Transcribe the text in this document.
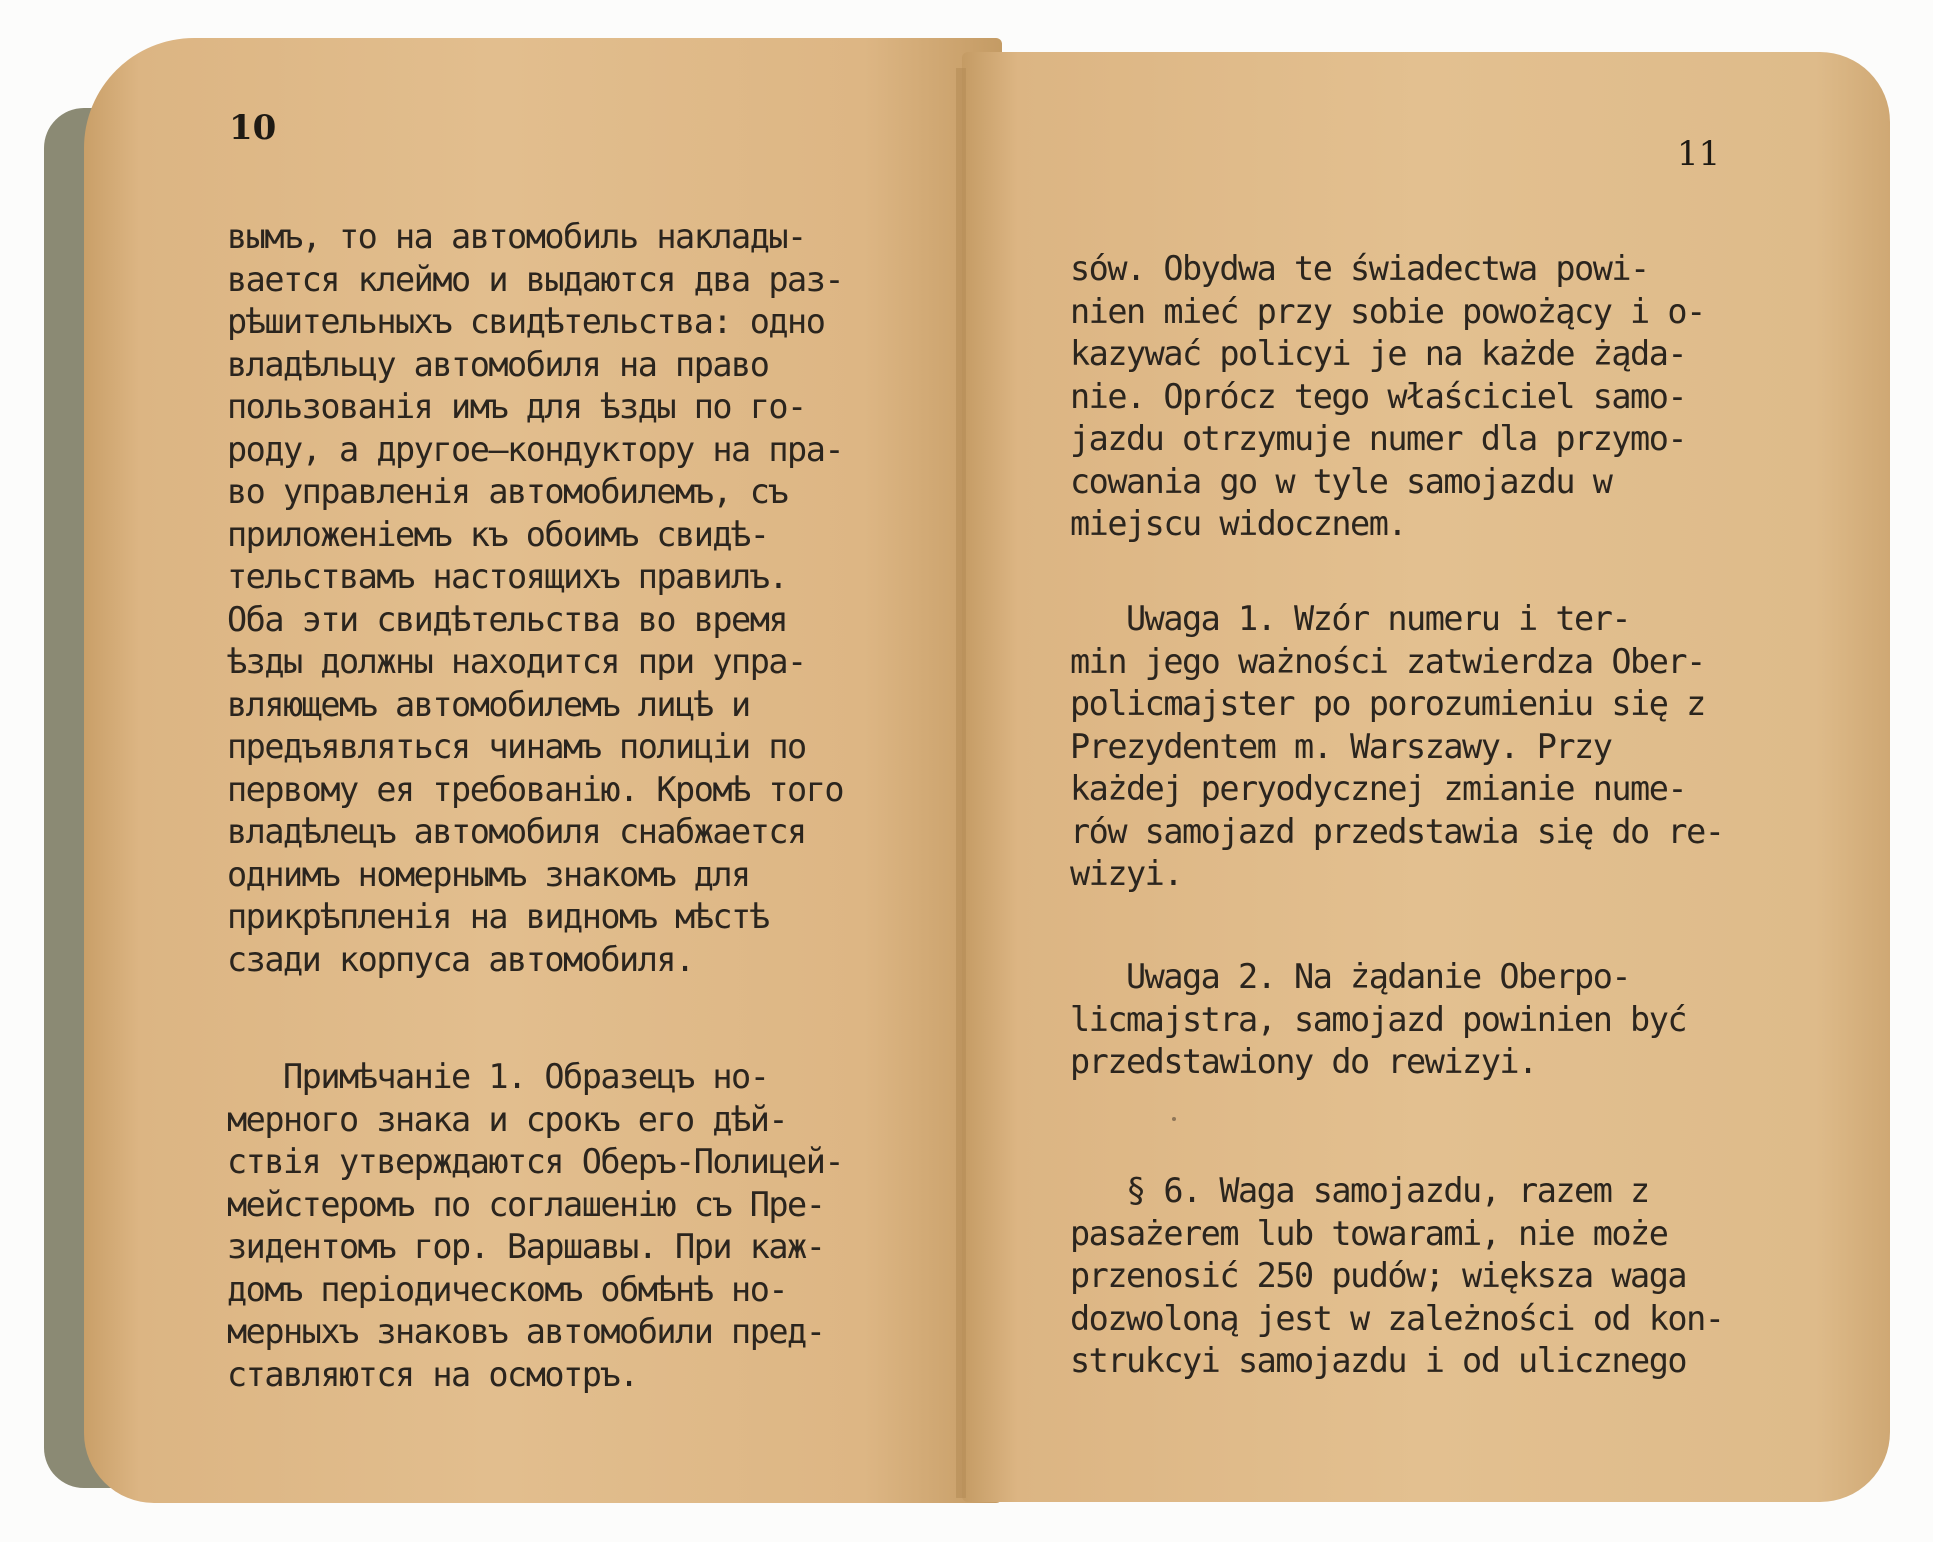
10
вымъ, то на автомобиль наклады-
вается клеймо и выдаются два раз-
рѣшительныхъ свидѣтельства: одно
владѣльцу автомобиля на право
пользованія имъ для ѣзды по го-
роду, а другое—кондуктору на пра-
во управленія автомобилемъ, съ
приложеніемъ къ обоимъ свидѣ-
тельствамъ настоящихъ правилъ.
Оба эти свидѣтельства во время
ѣзды должны находится при упра-
вляющемъ автомобилемъ лицѣ и
предъявляться чинамъ полиціи по
первому ея требованію. Кромѣ того
владѣлецъ автомобиля снабжается
однимъ номернымъ знакомъ для
прикрѣпленія на видномъ мѣстѣ
сзади корпуса автомобиля.
Примѣчаніе 1. Образецъ но-
мерного знака и срокъ его дѣй-
ствія утверждаются Оберъ-Полицей-
мейстеромъ по соглашенію съ Пре-
зидентомъ гор. Варшавы. При каж-
домъ періодическомъ обмѣнѣ но-
мерныхъ знаковъ автомобили пред-
ставляются на осмотръ.
11
sów. Obydwa te świadectwa powi-
nien mieć przy sobie powożący i o-
kazywać policyi je na każde żąda-
nie. Oprócz tego właściciel samo-
jazdu otrzymuje numer dla przymo-
cowania go w tyle samojazdu w
miejscu widocznem.
Uwaga 1. Wzór numeru i ter-
min jego ważności zatwierdza Ober-
policmajster po porozumieniu się z
Prezydentem m. Warszawy. Przy
każdej peryodycznej zmianie nume-
rów samojazd przedstawia się do re-
wizyi.
Uwaga 2. Na żądanie Oberpo-
licmajstra, samojazd powinien być
przedstawiony do rewizyi.
§ 6. Waga samojazdu, razem z
pasażerem lub towarami, nie może
przenosić 250 pudów; większa waga
dozwoloną jest w zależności od kon-
strukcyi samojazdu i od ulicznego
